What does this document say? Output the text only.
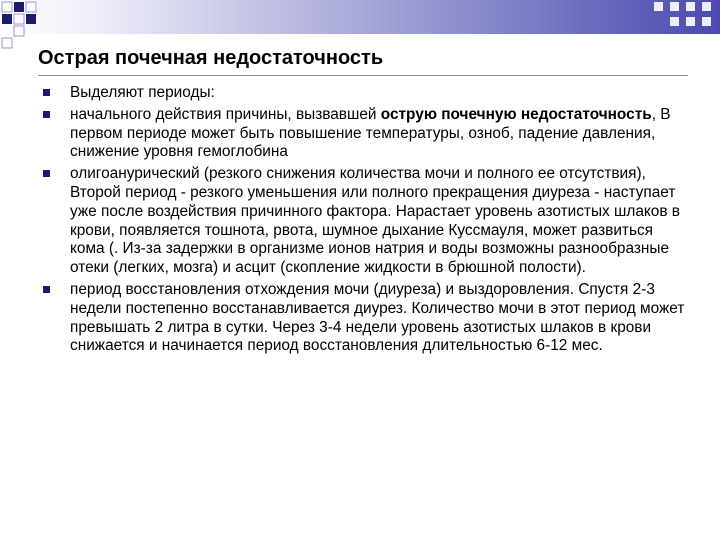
Острая почечная недостаточность
Выделяют периоды:
начального действия причины, вызвавшей острую почечную недостаточность, В первом периоде может быть повышение температуры, озноб, падение давления, снижение уровня гемоглобина
олигоанурический (резкого снижения количества мочи и полного ее отсутствия), Второй период - резкого уменьшения или полного прекращения диуреза - наступает уже после воздействия причинного фактора. Нарастает уровень азотистых шлаков в крови, появляется тошнота, рвота, шумное дыхание Куссмауля, может развиться кома (. Из-за задержки в организме ионов натрия и воды возможны разнообразные отеки (легких, мозга) и асцит (скопление жидкости в брюшной полости).
период восстановления отхождения мочи (диуреза) и выздоровления. Спустя 2-3 недели постепенно восстанавливается диурез. Количество мочи в этот период может превышать 2 литра в сутки. Через 3-4 недели уровень азотистых шлаков в крови снижается и начинается период восстановления длительностью 6-12 мес.
